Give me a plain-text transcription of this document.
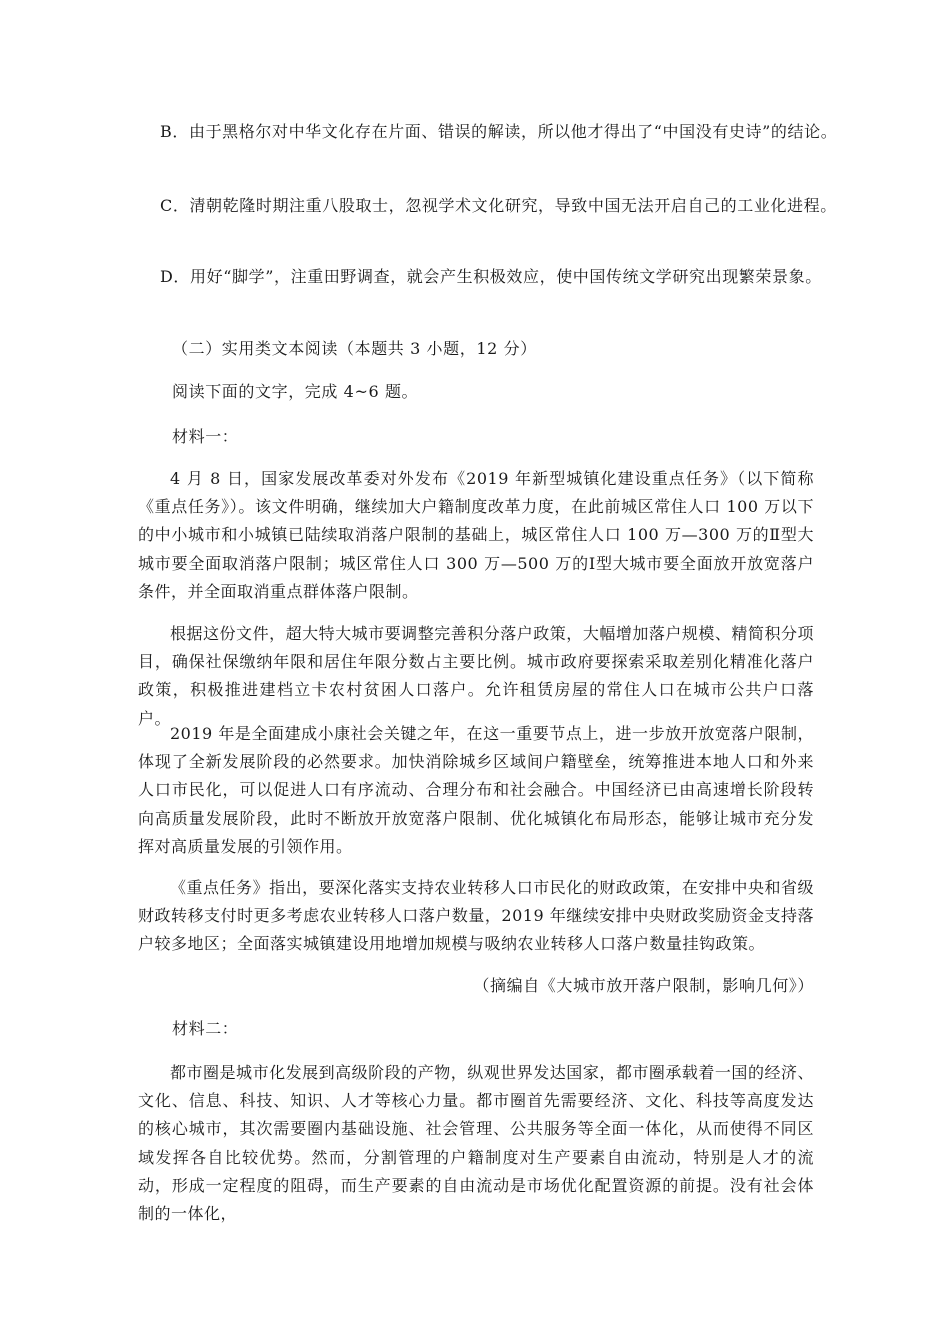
B．由于黑格尔对中华文化存在片面、错误的解读，所以他才得出了“中国没有史诗”的结论。
C．清朝乾隆时期注重八股取士，忽视学术文化研究，导致中国无法开启自己的工业化进程。
D．用好“脚学”，注重田野调查，就会产生积极效应，使中国传统文学研究出现繁荣景象。
（二）实用类文本阅读（本题共 3 小题，12 分）
阅读下面的文字，完成 4~6 题。
材料一：
4 月 8 日，国家发展改革委对外发布《2019 年新型城镇化建设重点任务》（以下简称《重点任务》）。该文件明确，继续加大户籍制度改革力度，在此前城区常住人口 100 万以下的中小城市和小城镇已陆续取消落户限制的基础上，城区常住人口 100 万—300 万的Ⅱ型大城市要全面取消落户限制；城区常住人口 300 万—500 万的Ⅰ型大城市要全面放开放宽落户条件，并全面取消重点群体落户限制。
根据这份文件，超大特大城市要调整完善积分落户政策，大幅增加落户规模、精简积分项目，确保社保缴纳年限和居住年限分数占主要比例。城市政府要探索采取差别化精准化落户政策，积极推进建档立卡农村贫困人口落户。允许租赁房屋的常住人口在城市公共户口落户。
2019 年是全面建成小康社会关键之年，在这一重要节点上，进一步放开放宽落户限制，体现了全新发展阶段的必然要求。加快消除城乡区域间户籍壁垒，统筹推进本地人口和外来人口市民化，可以促进人口有序流动、合理分布和社会融合。中国经济已由高速增长阶段转向高质量发展阶段，此时不断放开放宽落户限制、优化城镇化布局形态，能够让城市充分发挥对高质量发展的引领作用。
《重点任务》指出，要深化落实支持农业转移人口市民化的财政政策，在安排中央和省级财政转移支付时更多考虑农业转移人口落户数量，2019 年继续安排中央财政奖励资金支持落户较多地区；全面落实城镇建设用地增加规模与吸纳农业转移人口落户数量挂钩政策。
（摘编自《大城市放开落户限制，影响几何》）
材料二：
都市圈是城市化发展到高级阶段的产物，纵观世界发达国家，都市圈承载着一国的经济、文化、信息、科技、知识、人才等核心力量。都市圈首先需要经济、文化、科技等高度发达的核心城市，其次需要圈内基础设施、社会管理、公共服务等全面一体化，从而使得不同区域发挥各自比较优势。然而，分割管理的户籍制度对生产要素自由流动，特别是人才的流动，形成一定程度的阻碍，而生产要素的自由流动是市场优化配置资源的前提。没有社会体制的一体化，
